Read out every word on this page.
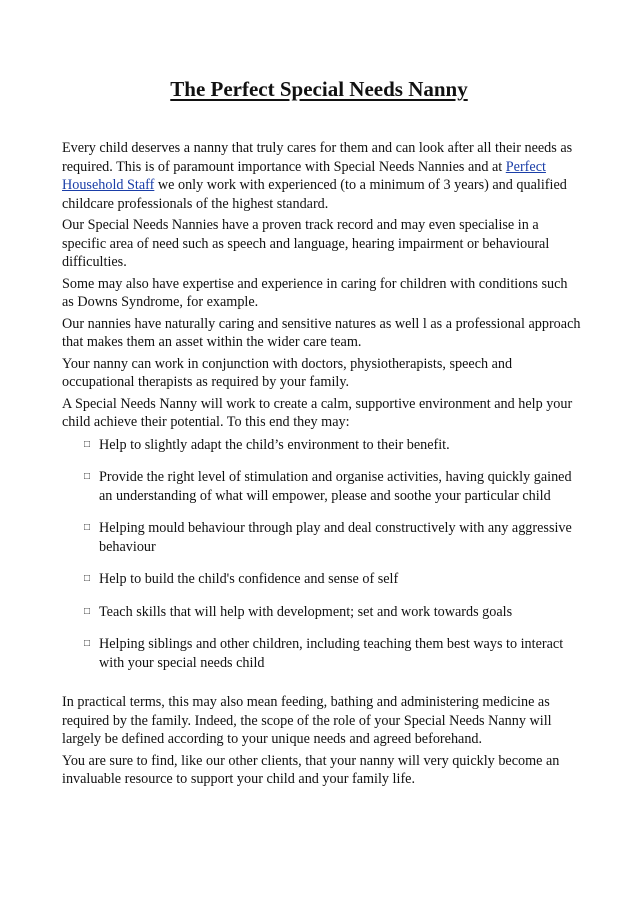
The Perfect Special Needs Nanny

Every child deserves a nanny that truly cares for them and can look after all their needs as required. This is of paramount importance with Special Needs Nannies and at Perfect Household Staff we only work with experienced (to a minimum of 3 years) and qualified childcare professionals of the highest standard.

Our Special Needs Nannies have a proven track record and may even specialise in a specific area of need such as speech and language, hearing impairment or behavioural difficulties.

Some may also have expertise and experience in caring for children with conditions such as Downs Syndrome, for example.

Our nannies have naturally caring and sensitive natures as well l as a professional approach that makes them an asset within the wider care team.

Your nanny can work in conjunction with doctors, physiotherapists, speech and occupational therapists as required by your family.

A Special Needs Nanny will work to create a calm, supportive environment and help your child achieve their potential. To this end they may:

□ Help to slightly adapt the child’s environment to their benefit.
□ Provide the right level of stimulation and organise activities, having quickly gained an understanding of what will empower, please and soothe your particular child
□ Helping mould behaviour through play and deal constructively with any aggressive behaviour
□ Help to build the child's confidence and sense of self
□ Teach skills that will help with development; set and work towards goals
□ Helping siblings and other children, including teaching them best ways to interact with your special needs child

In practical terms, this may also mean feeding, bathing and administering medicine as required by the family. Indeed, the scope of the role of your Special Needs Nanny will largely be defined according to your unique needs and agreed beforehand.

You are sure to find, like our other clients, that your nanny will very quickly become an invaluable resource to support your child and your family life.
